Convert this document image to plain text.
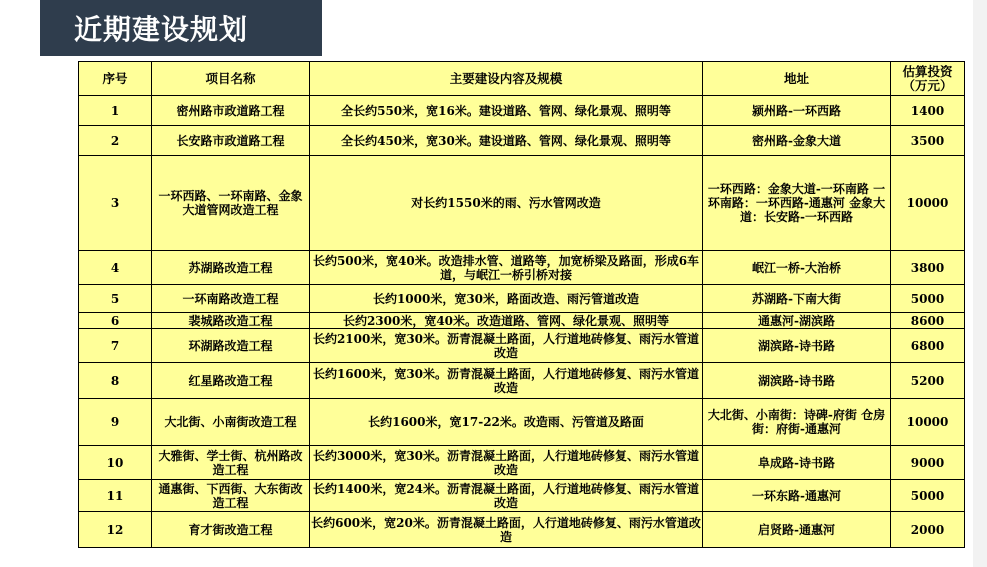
近期建设规划
序号	项目名称	主要建设内容及规模	地址	估算投资（万元）
1	密州路市政道路工程	全长约550米，宽16米。建设道路、管网、绿化景观、照明等	颍州路-一环西路	1400
2	长安路市政道路工程	全长约450米，宽30米。建设道路、管网、绿化景观、照明等	密州路-金象大道	3500
3	一环西路、一环南路、金象大道管网改造工程	对长约1550米的雨、污水管网改造	一环西路：金象大道-一环南路 一环南路：一环西路-通惠河 金象大道：长安路-一环西路	10000
4	苏湖路改造工程	长约500米，宽40米。改造排水管、道路等，加宽桥梁及路面，形成6车道，与岷江一桥引桥对接	岷江一桥-大治桥	3800
5	一环南路改造工程	长约1000米，宽30米，路面改造、雨污管道改造	苏湖路-下南大街	5000
6	裴城路改造工程	长约2300米，宽40米。改造道路、管网、绿化景观、照明等	通惠河-湖滨路	8600
7	环湖路改造工程	长约2100米，宽30米。沥青混凝土路面，人行道地砖修复、雨污水管道改造	湖滨路-诗书路	6800
8	红星路改造工程	长约1600米，宽30米。沥青混凝土路面，人行道地砖修复、雨污水管道改造	湖滨路-诗书路	5200
9	大北街、小南街改造工程	长约1600米，宽17-22米。改造雨、污管道及路面	大北街、小南街：诗碑-府街 仓房街：府街-通惠河	10000
10	大雅街、学士街、杭州路改造工程	长约3000米，宽30米。沥青混凝土路面，人行道地砖修复、雨污水管道改造	阜成路-诗书路	9000
11	通惠街、下西街、大东街改造工程	长约1400米，宽24米。沥青混凝土路面，人行道地砖修复、雨污水管道改造	一环东路-通惠河	5000
12	育才街改造工程	长约600米，宽20米。沥青混凝土路面，人行道地砖修复、雨污水管道改造	启贤路-通惠河	2000
